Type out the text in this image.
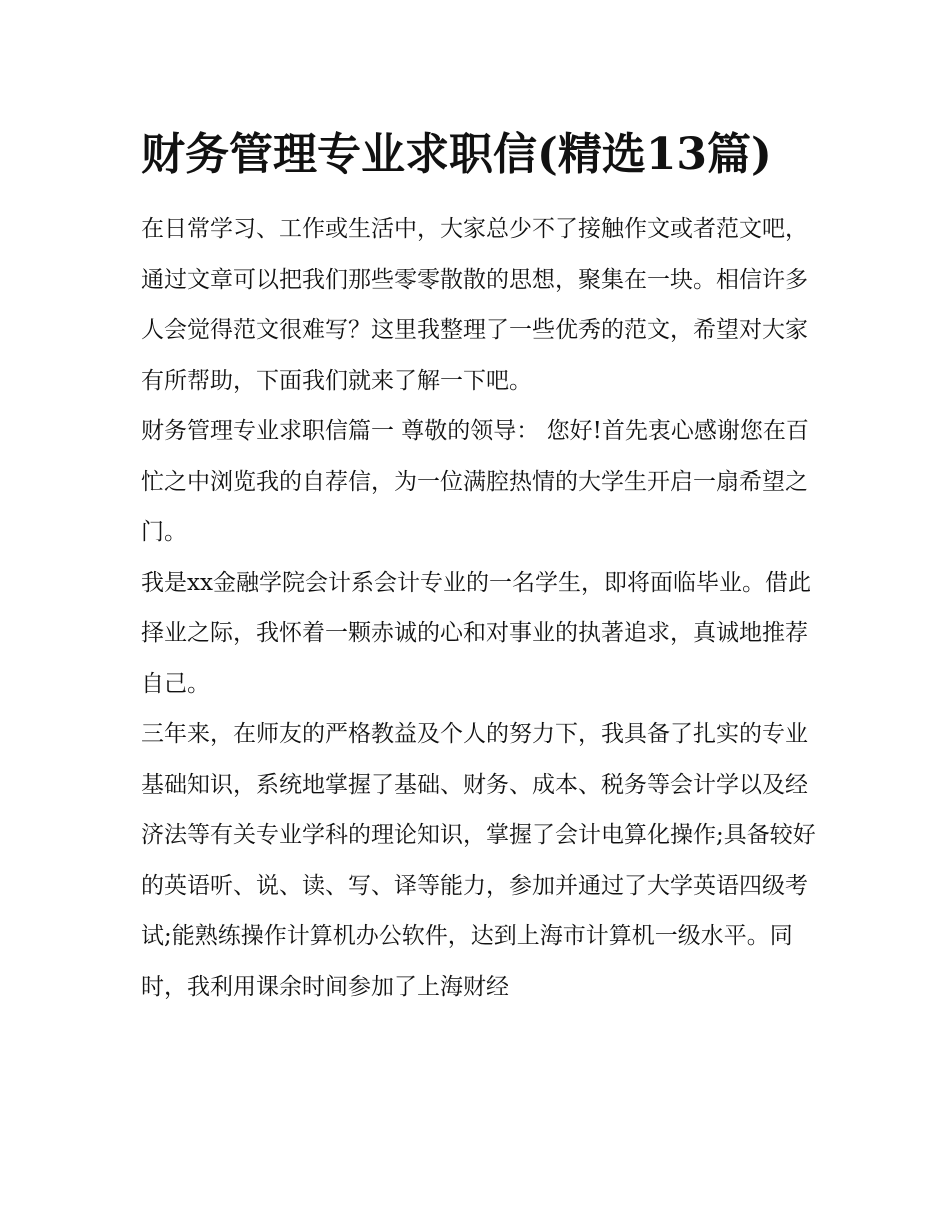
财务管理专业求职信(精选13篇)

在日常学习、工作或生活中，大家总少不了接触作文或者范文吧，通过文章可以把我们那些零零散散的思想，聚集在一块。相信许多人会觉得范文很难写？这里我整理了一些优秀的范文，希望对大家有所帮助，下面我们就来了解一下吧。

财务管理专业求职信篇一 尊敬的领导： 您好!首先衷心感谢您在百忙之中浏览我的自荐信，为一位满腔热情的大学生开启一扇希望之门。

我是xx金融学院会计系会计专业的一名学生，即将面临毕业。借此择业之际，我怀着一颗赤诚的心和对事业的执著追求，真诚地推荐自己。

三年来，在师友的严格教益及个人的努力下，我具备了扎实的专业基础知识，系统地掌握了基础、财务、成本、税务等会计学以及经济法等有关专业学科的理论知识，掌握了会计电算化操作;具备较好的英语听、说、读、写、译等能力，参加并通过了大学英语四级考试;能熟练操作计算机办公软件，达到上海市计算机一级水平。同时，我利用课余时间参加了上海财经
